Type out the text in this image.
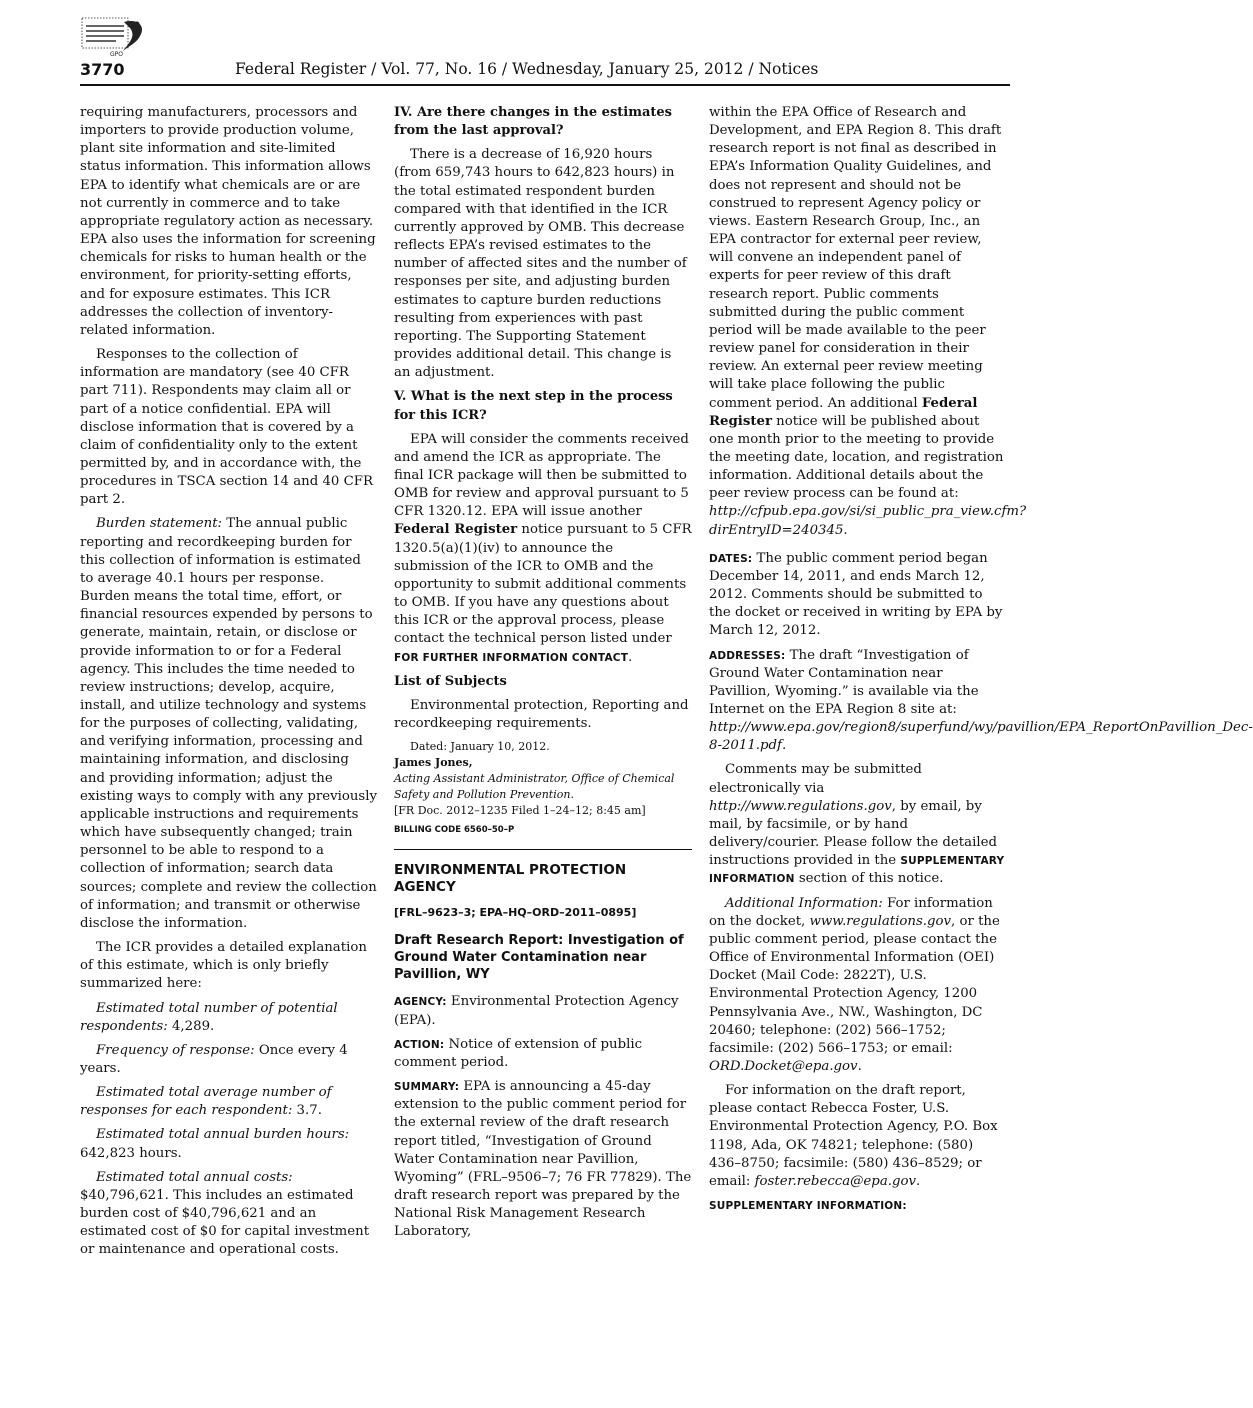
GPO
3770	Federal Register / Vol. 77, No. 16 / Wednesday, January 25, 2012 / Notices

requiring manufacturers, processors and importers to provide production volume, plant site information and site-limited status information. This information allows EPA to identify what chemicals are or are not currently in commerce and to take appropriate regulatory action as necessary. EPA also uses the information for screening chemicals for risks to human health or the environment, for priority-setting efforts, and for exposure estimates. This ICR addresses the collection of inventory-related information.

Responses to the collection of information are mandatory (see 40 CFR part 711). Respondents may claim all or part of a notice confidential. EPA will disclose information that is covered by a claim of confidentiality only to the extent permitted by, and in accordance with, the procedures in TSCA section 14 and 40 CFR part 2.

Burden statement: The annual public reporting and recordkeeping burden for this collection of information is estimated to average 40.1 hours per response. Burden means the total time, effort, or financial resources expended by persons to generate, maintain, retain, or disclose or provide information to or for a Federal agency. This includes the time needed to review instructions; develop, acquire, install, and utilize technology and systems for the purposes of collecting, validating, and verifying information, processing and maintaining information, and disclosing and providing information; adjust the existing ways to comply with any previously applicable instructions and requirements which have subsequently changed; train personnel to be able to respond to a collection of information; search data sources; complete and review the collection of information; and transmit or otherwise disclose the information.

The ICR provides a detailed explanation of this estimate, which is only briefly summarized here:

Estimated total number of potential respondents: 4,289.

Frequency of response: Once every 4 years.

Estimated total average number of responses for each respondent: 3.7.

Estimated total annual burden hours: 642,823 hours.

Estimated total annual costs: $40,796,621. This includes an estimated burden cost of $40,796,621 and an estimated cost of $0 for capital investment or maintenance and operational costs.

IV. Are there changes in the estimates from the last approval?

There is a decrease of 16,920 hours (from 659,743 hours to 642,823 hours) in the total estimated respondent burden compared with that identified in the ICR currently approved by OMB. This decrease reflects EPA’s revised estimates to the number of affected sites and the number of responses per site, and adjusting burden estimates to capture burden reductions resulting from experiences with past reporting. The Supporting Statement provides additional detail. This change is an adjustment.

V. What is the next step in the process for this ICR?

EPA will consider the comments received and amend the ICR as appropriate. The final ICR package will then be submitted to OMB for review and approval pursuant to 5 CFR 1320.12. EPA will issue another Federal Register notice pursuant to 5 CFR 1320.5(a)(1)(iv) to announce the submission of the ICR to OMB and the opportunity to submit additional comments to OMB. If you have any questions about this ICR or the approval process, please contact the technical person listed under FOR FURTHER INFORMATION CONTACT.

List of Subjects

Environmental protection, Reporting and recordkeeping requirements.

Dated: January 10, 2012.

James Jones,

Acting Assistant Administrator, Office of Chemical Safety and Pollution Prevention.

[FR Doc. 2012–1235 Filed 1–24–12; 8:45 am]

BILLING CODE 6560–50–P

ENVIRONMENTAL PROTECTION AGENCY
[FRL–9623–3; EPA–HQ–ORD–2011–0895]
Draft Research Report: Investigation of Ground Water Contamination near Pavillion, WY

AGENCY: Environmental Protection Agency (EPA).

ACTION: Notice of extension of public comment period.

SUMMARY: EPA is announcing a 45-day extension to the public comment period for the external review of the draft research report titled, “Investigation of Ground Water Contamination near Pavillion, Wyoming” (FRL–9506–7; 76 FR 77829). The draft research report was prepared by the National Risk Management Research Laboratory,

within the EPA Office of Research and Development, and EPA Region 8. This draft research report is not final as described in EPA’s Information Quality Guidelines, and does not represent and should not be construed to represent Agency policy or views. Eastern Research Group, Inc., an EPA contractor for external peer review, will convene an independent panel of experts for peer review of this draft research report. Public comments submitted during the public comment period will be made available to the peer review panel for consideration in their review. An external peer review meeting will take place following the public comment period. An additional Federal Register notice will be published about one month prior to the meeting to provide the meeting date, location, and registration information. Additional details about the peer review process can be found at: http://cfpub.epa.gov/si/si_public_pra_view.cfm?dirEntryID=240345.

DATES: The public comment period began December 14, 2011, and ends March 12, 2012. Comments should be submitted to the docket or received in writing by EPA by March 12, 2012.

ADDRESSES: The draft “Investigation of Ground Water Contamination near Pavillion, Wyoming.” is available via the Internet on the EPA Region 8 site at: http://www.epa.gov/region8/superfund/wy/pavillion/EPA_ReportOnPavillion_Dec-8-2011.pdf.

Comments may be submitted electronically via http://www.regulations.gov, by email, by mail, by facsimile, or by hand delivery/courier. Please follow the detailed instructions provided in the SUPPLEMENTARY INFORMATION section of this notice.

Additional Information: For information on the docket, www.regulations.gov, or the public comment period, please contact the Office of Environmental Information (OEI) Docket (Mail Code: 2822T), U.S. Environmental Protection Agency, 1200 Pennsylvania Ave., NW., Washington, DC 20460; telephone: (202) 566–1752; facsimile: (202) 566–1753; or email: ORD.Docket@epa.gov.

For information on the draft report, please contact Rebecca Foster, U.S. Environmental Protection Agency, P.O. Box 1198, Ada, OK 74821; telephone: (580) 436–8750; facsimile: (580) 436–8529; or email: foster.rebecca@epa.gov.

SUPPLEMENTARY INFORMATION:
